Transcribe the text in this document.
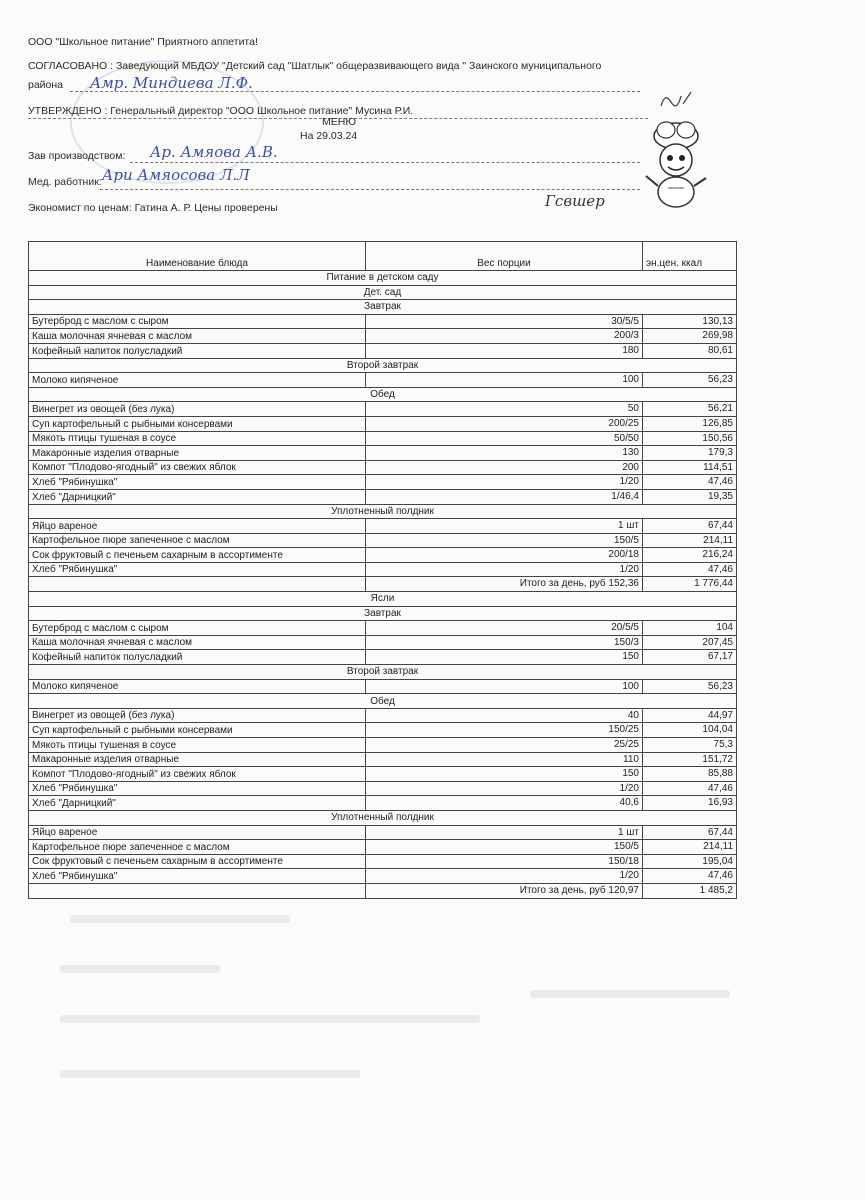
ООО "Школьное питание" Приятного аппетита!
СОГЛАСОВАНО : Заведующий МБДОУ "Детский сад "Шатлык" общеразвивающего вида " Заинского муниципального
района Амр. Миндиева Л.Ф.
УТВЕРЖДЕНО : Генеральный директор "ООО Школьное питание" Мусина Р.И.
МЕНЮ
На 29.03.24
Зав производством: Ар. Амяова А.В.
Мед. работник: Ари Амяосова Л.Л
Экономист по ценам: Гатина А. Р. Цены проверены	Гсвшер
Наименование блюда	Вес порции	эн.цен. ккал
Питание в детском саду		
Дет. сад		
Завтрак		
Бутерброд с маслом с сыром	30/5/5	130,13
Каша молочная ячневая с маслом	200/3	269,98
Кофейный напиток полусладкий	180	80,61
Второй завтрак		
Молоко кипяченое	100	56,23
Обед		
Винегрет из овощей (без лука)	50	56,21
Суп картофельный с рыбными консервами	200/25	126,85
Мякоть птицы тушеная в соусе	50/50	150,56
Макаронные изделия отварные	130	179,3
Компот "Плодово-ягодный" из свежих яблок	200	114,51
Хлеб "Рябинушка"	1/20	47,46
Хлеб "Дарницкий"	1/46,4	19,35
Уплотненный полдник		
Яйцо вареное	1 шт	67,44
Картофельное пюре запеченное с маслом	150/5	214,11
Сок фруктовый с печеньем сахарным в ассортименте	200/18	216,24
Хлеб "Рябинушка"	1/20	47,46
	Итого за день, руб 152,36	1 776,44
Ясли		
Завтрак		
Бутерброд с маслом с сыром	20/5/5	104
Каша молочная ячневая с маслом	150/3	207,45
Кофейный напиток полусладкий	150	67,17
Второй завтрак		
Молоко кипяченое	100	56,23
Обед		
Винегрет из овощей (без лука)	40	44,97
Суп картофельный с рыбными консервами	150/25	104,04
Мякоть птицы тушеная в соусе	25/25	75,3
Макаронные изделия отварные	110	151,72
Компот "Плодово-ягодный" из свежих яблок	150	85,88
Хлеб "Рябинушка"	1/20	47,46
Хлеб "Дарницкий"	40,6	16,93
Уплотненный полдник		
Яйцо вареное	1 шт	67,44
Картофельное пюре запеченное с маслом	150/5	214,11
Сок фруктовый с печеньем сахарным в ассортименте	150/18	195,04
Хлеб "Рябинушка"	1/20	47,46
	Итого за день, руб 120,97	1 485,2
